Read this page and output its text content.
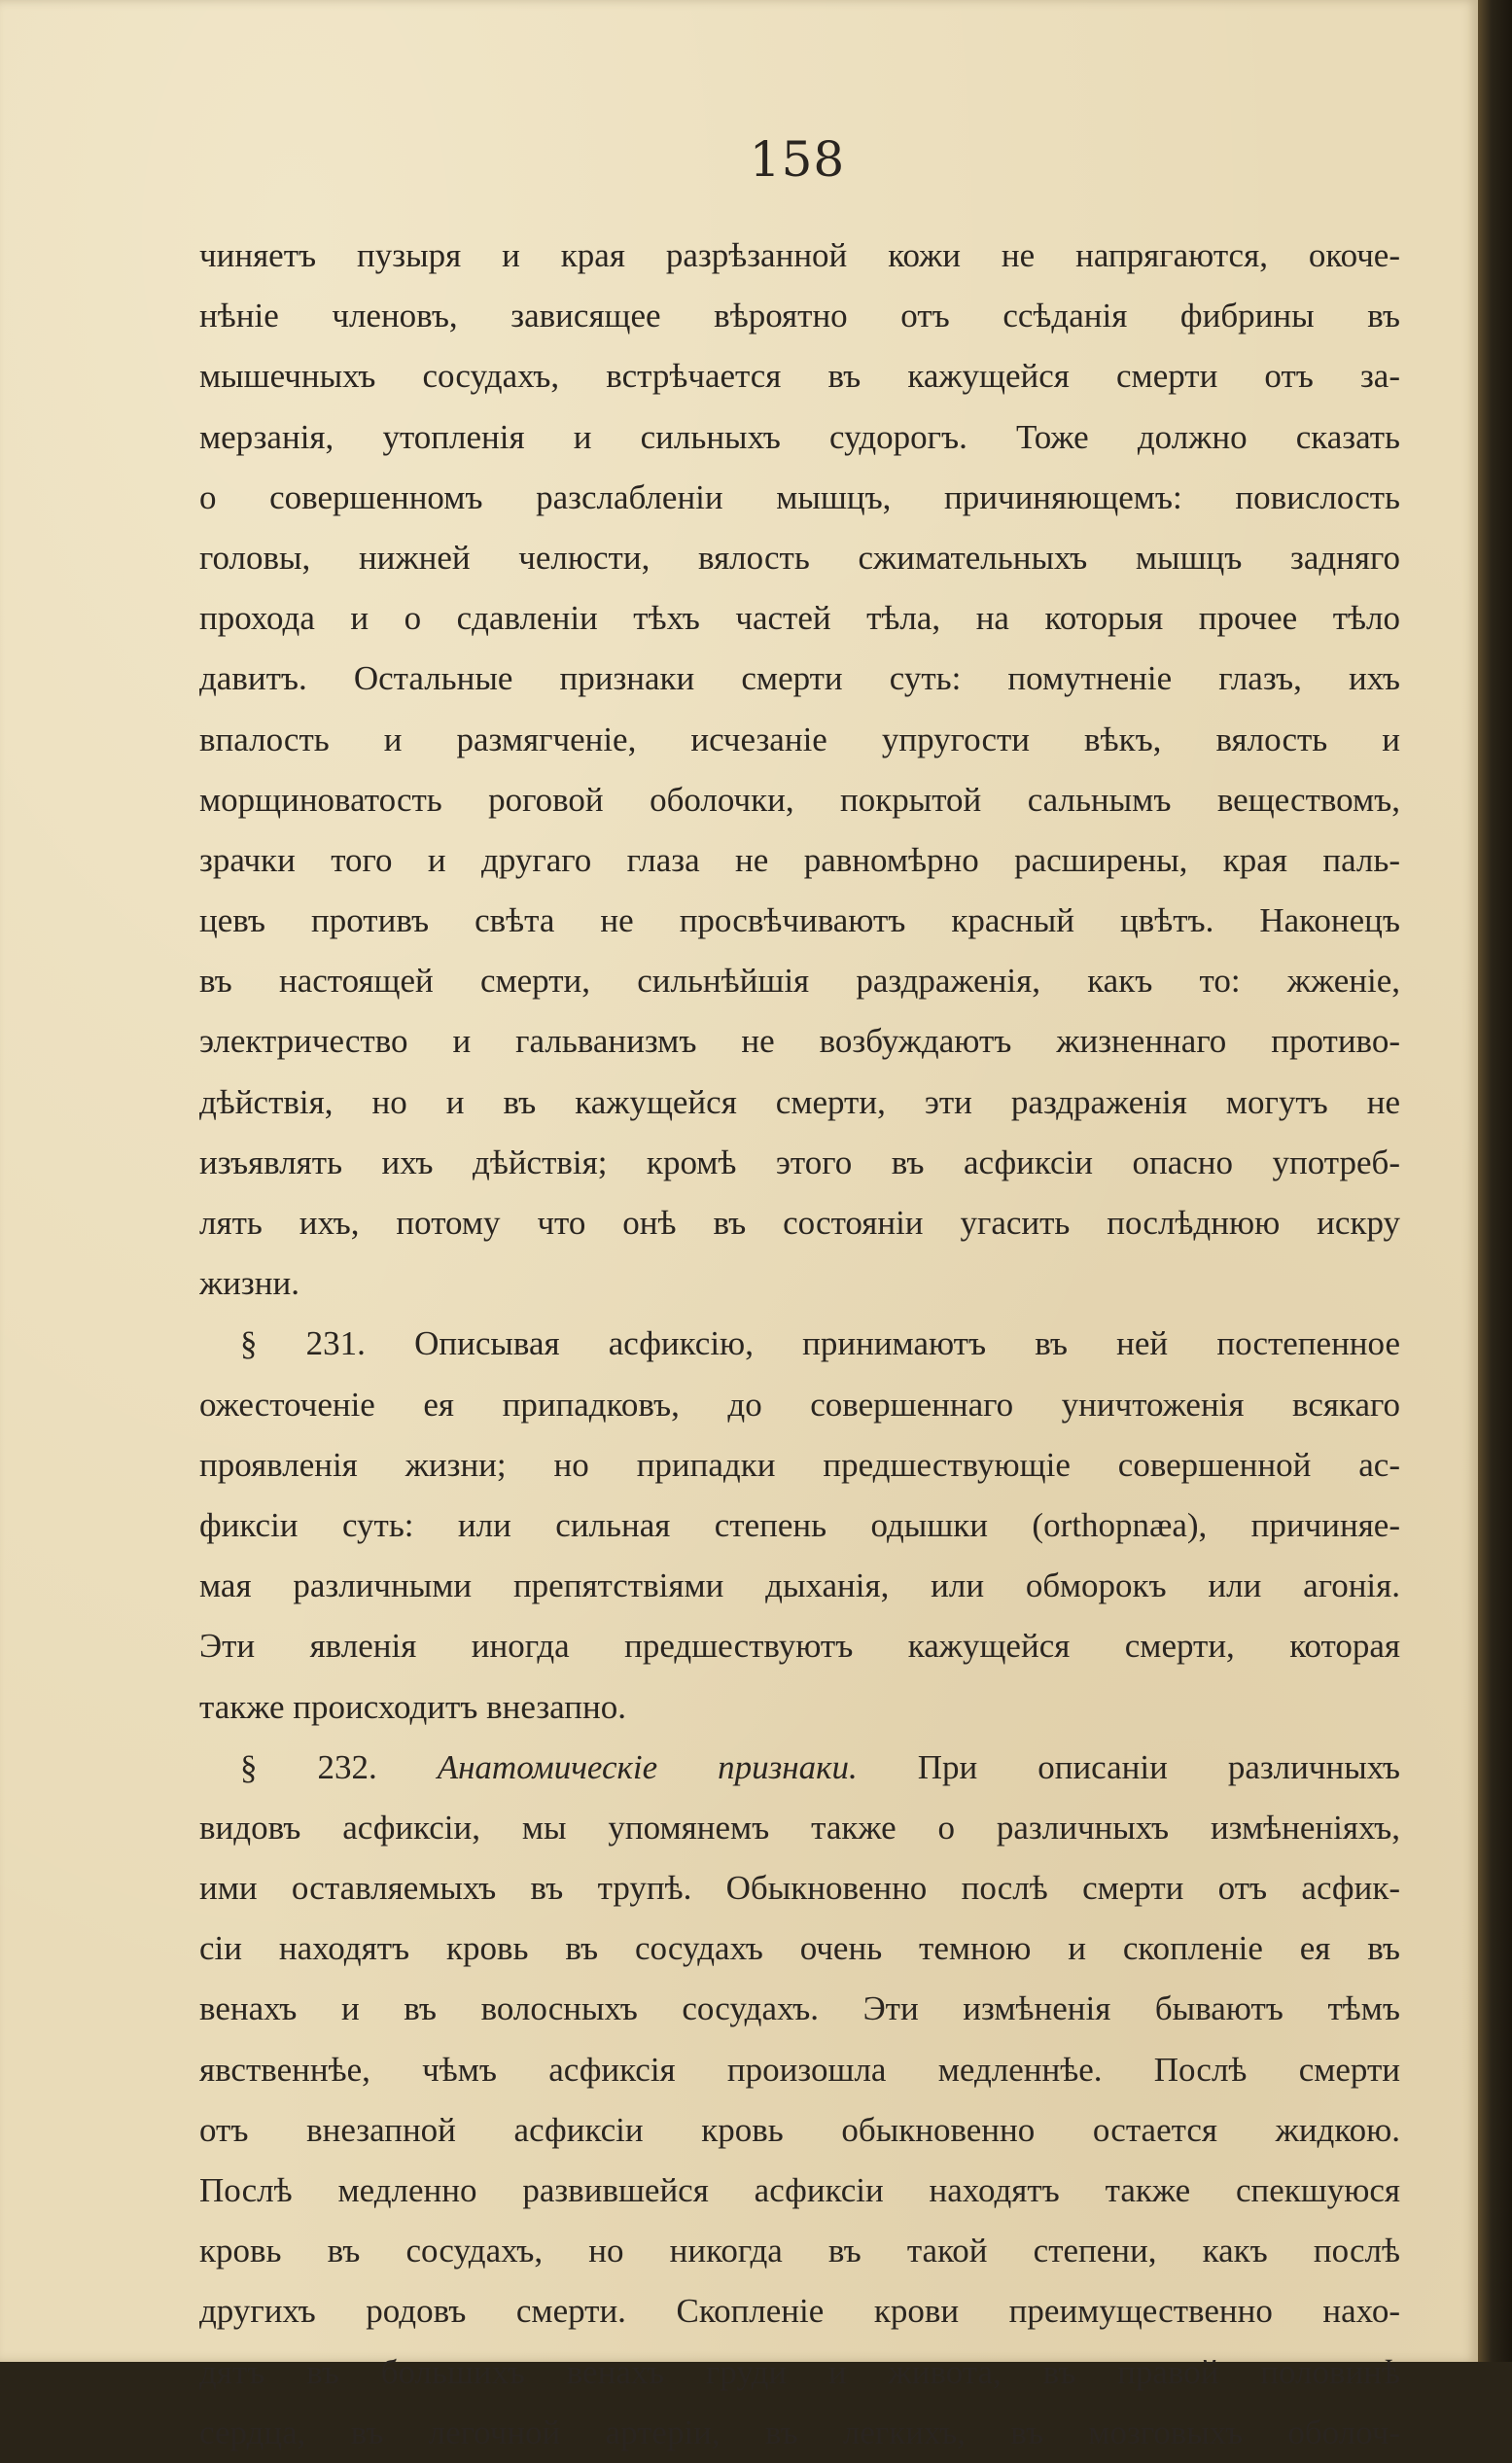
158
чиняетъ пузыря и края разрѣзанной кожи не напрягаются, окоче-
нѣніе членовъ, зависящее вѣроятно отъ ссѣданія фибрины въ
мышечныхъ сосудахъ, встрѣчается въ кажущейся смерти отъ за-
мерзанія, утопленія и сильныхъ судорогъ. Тоже должно сказать
о совершенномъ разслабленіи мышцъ, причиняющемъ: повислость
головы, нижней челюсти, вялость сжимательныхъ мышцъ задняго
прохода и о сдавленіи тѣхъ частей тѣла, на которыя прочее тѣло
давитъ. Остальные признаки смерти суть: помутненіе глазъ, ихъ
впалость и размягченіе, исчезаніе упругости вѣкъ, вялость и
морщиноватость роговой оболочки, покрытой сальнымъ веществомъ,
зрачки того и другаго глаза не равномѣрно расширены, края паль-
цевъ противъ свѣта не просвѣчиваютъ красный цвѣтъ. Наконецъ
въ настоящей смерти, сильнѣйшія раздраженія, какъ то: жженіе,
электричество и гальванизмъ не возбуждаютъ жизненнаго противо-
дѣйствія, но и въ кажущейся смерти, эти раздраженія могутъ не
изъявлять ихъ дѣйствія; кромѣ этого въ асфиксіи опасно употреб-
лять ихъ, потому что онѣ въ состояніи угасить послѣднюю искру
жизни.
§ 231. Описывая асфиксію, принимаютъ въ ней постепенное
ожесточеніе ея припадковъ, до совершеннаго уничтоженія всякаго
проявленія жизни; но припадки предшествующіе совершенной ас-
фиксіи суть: или сильная степень одышки (orthopnæa), причиняе-
мая различными препятствіями дыханія, или обморокъ или агонія.
Эти явленія иногда предшествуютъ кажущейся смерти, которая
также происходитъ внезапно.
§ 232. Анатомическіе признаки. При описаніи различныхъ
видовъ асфиксіи, мы упомянемъ также о различныхъ измѣненіяхъ,
ими оставляемыхъ въ трупѣ. Обыкновенно послѣ смерти отъ асфик-
сіи находятъ кровь въ сосудахъ очень темною и скопленіе ея въ
венахъ и въ волосныхъ сосудахъ. Эти измѣненія бываютъ тѣмъ
явственнѣе, чѣмъ асфиксія произошла медленнѣе. Послѣ смерти
отъ внезапной асфиксіи кровь обыкновенно остается жидкою.
Послѣ медленно развившейся асфиксіи находятъ также спекшуюся
кровь въ сосудахъ, но никогда въ такой степени, какъ послѣ
другихъ родовъ смерти. Скопленіе крови преимущественно нахо-
дятъ въ большихъ венахъ груди и живота, въ правой половинѣ
сердца, въ легочной артеріи, въ легкихъ, въ мозговыхъ оболоч-
